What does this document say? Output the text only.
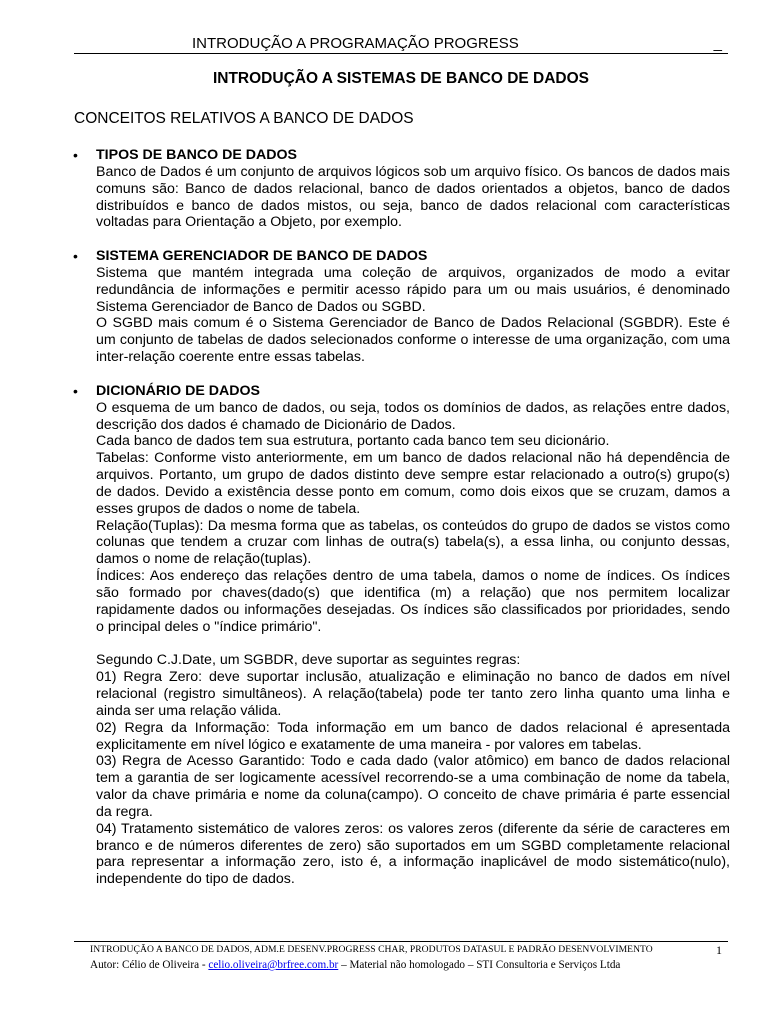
INTRODUÇÃO A PROGRAMAÇÃO PROGRESS	_
INTRODUÇÃO A SISTEMAS DE BANCO DE DADOS
CONCEITOS RELATIVOS A BANCO DE DADOS
• TIPOS DE BANCO DE DADOS

Banco de Dados é um conjunto de arquivos lógicos sob um arquivo físico. Os bancos de dados mais comuns são: Banco de dados relacional, banco de dados orientados a objetos, banco de dados distribuídos e banco de dados mistos, ou seja, banco de dados relacional com características voltadas para Orientação a Objeto, por exemplo.

• SISTEMA GERENCIADOR DE BANCO DE DADOS

Sistema que mantém integrada uma coleção de arquivos, organizados de modo a evitar redundância de informações e permitir acesso rápido para um ou mais usuários, é denominado Sistema Gerenciador de Banco de Dados ou SGBD.

O SGBD mais comum é o Sistema Gerenciador de Banco de Dados Relacional (SGBDR). Este é um conjunto de tabelas de dados selecionados conforme o interesse de uma organização, com uma inter-relação coerente entre essas tabelas.

• DICIONÁRIO DE DADOS

O esquema de um banco de dados, ou seja, todos os domínios de dados, as relações entre dados, descrição dos dados é chamado de Dicionário de Dados.

Cada banco de dados tem sua estrutura, portanto cada banco tem seu dicionário.

Tabelas: Conforme visto anteriormente, em um banco de dados relacional não há dependência de arquivos. Portanto, um grupo de dados distinto deve sempre estar relacionado a outro(s) grupo(s) de dados. Devido a existência desse ponto em comum, como dois eixos que se cruzam, damos a esses grupos de dados o nome de tabela.

Relação(Tuplas): Da mesma forma que as tabelas, os conteúdos do grupo de dados se vistos como colunas que tendem a cruzar com linhas de outra(s) tabela(s), a essa linha, ou conjunto dessas, damos o nome de relação(tuplas).

Índices: Aos endereço das relações dentro de uma tabela, damos o nome de índices. Os índices são formado por chaves(dado(s) que identifica (m) a relação) que nos permitem localizar rapidamente dados ou informações desejadas. Os índices são classificados por prioridades, sendo o principal deles o "índice primário".

Segundo C.J.Date, um SGBDR, deve suportar as seguintes regras:

01) Regra Zero: deve suportar inclusão, atualização e eliminação no banco de dados em nível relacional (registro simultâneos). A relação(tabela) pode ter tanto zero linha quanto uma linha e ainda ser uma relação válida.

02) Regra da Informação: Toda informação em um banco de dados relacional é apresentada explicitamente em nível lógico e exatamente de uma maneira - por valores em tabelas.

03) Regra de Acesso Garantido: Todo e cada dado (valor atômico) em banco de dados relacional tem a garantia de ser logicamente acessível recorrendo-se a uma combinação de nome da tabela, valor da chave primária e nome da coluna(campo). O conceito de chave primária é parte essencial da regra.

04) Tratamento sistemático de valores zeros: os valores zeros (diferente da série de caracteres em branco e de números diferentes de zero) são suportados em um SGBD completamente relacional para representar a informação zero, isto é, a informação inaplicável de modo sistemático(nulo), independente do tipo de dados.

INTRODUÇÃO A BANCO DE DADOS, ADM.E DESENV.PROGRESS CHAR, PRODUTOS DATASUL E PADRÃO DESENVOLVIMENTO	1
Autor: Célio de Oliveira - celio.oliveira@brfree.com.br – Material não homologado – STI Consultoria e Serviços Ltda
